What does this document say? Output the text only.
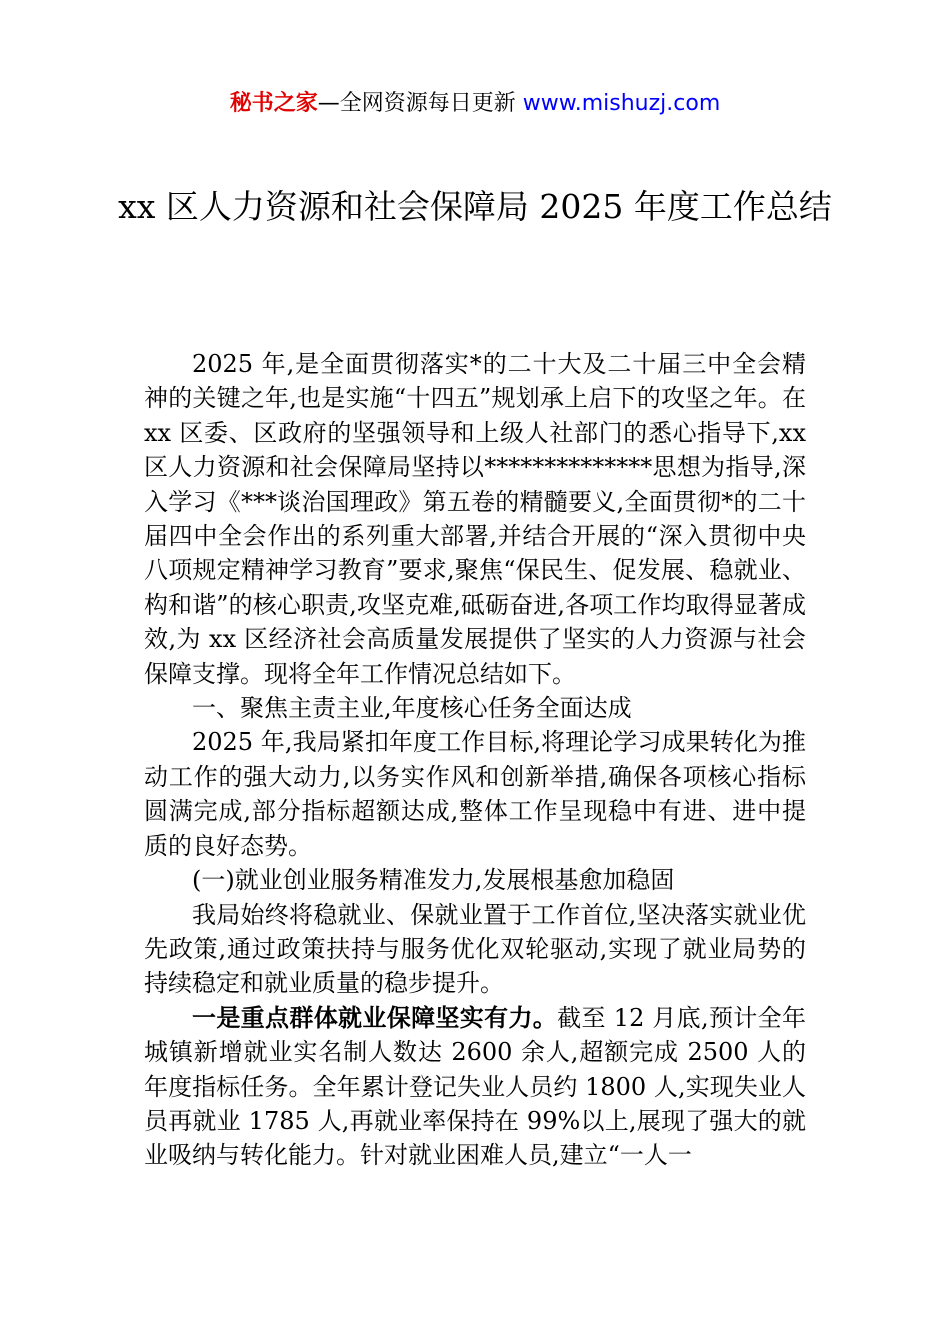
秘书之家—全网资源每日更新 www.mishuzj.com
xx 区人力资源和社会保障局 2025 年度工作总结

2025 年,是全面贯彻落实*的二十大及二十届三中全会精神的关键之年,也是实施“十四五”规划承上启下的攻坚之年。在 xx 区委、区政府的坚强领导和上级人社部门的悉心指导下,xx 区人力资源和社会保障局坚持以**************思想为指导,深入学习《***谈治国理政》第五卷的精髓要义,全面贯彻*的二十届四中全会作出的系列重大部署,并结合开展的“深入贯彻中央八项规定精神学习教育”要求,聚焦“保民生、促发展、稳就业、构和谐”的核心职责,攻坚克难,砥砺奋进,各项工作均取得显著成效,为 xx 区经济社会高质量发展提供了坚实的人力资源与社会保障支撑。现将全年工作情况总结如下。

一、聚焦主责主业,年度核心任务全面达成

2025 年,我局紧扣年度工作目标,将理论学习成果转化为推动工作的强大动力,以务实作风和创新举措,确保各项核心指标圆满完成,部分指标超额达成,整体工作呈现稳中有进、进中提质的良好态势。

(一)就业创业服务精准发力,发展根基愈加稳固

我局始终将稳就业、保就业置于工作首位,坚决落实就业优先政策,通过政策扶持与服务优化双轮驱动,实现了就业局势的持续稳定和就业质量的稳步提升。

一是重点群体就业保障坚实有力。截至 12 月底,预计全年城镇新增就业实名制人数达 2600 余人,超额完成 2500 人的年度指标任务。全年累计登记失业人员约 1800 人,实现失业人员再就业 1785 人,再就业率保持在 99%以上,展现了强大的就业吸纳与转化能力。针对就业困难人员,建立“一人一
